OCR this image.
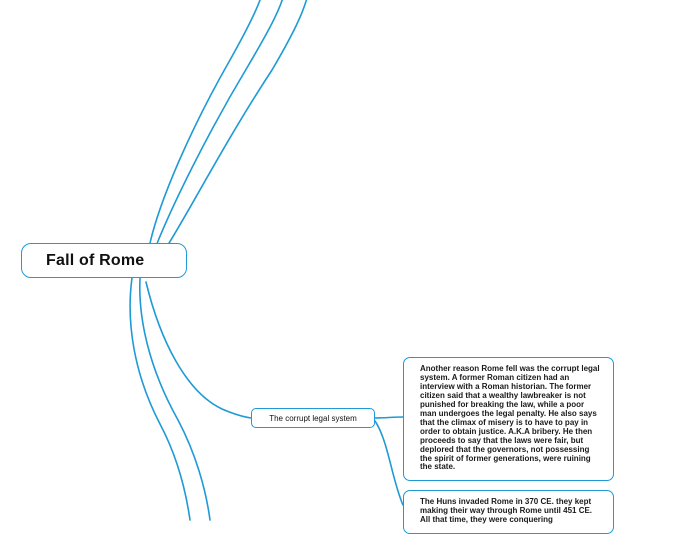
Fall of Rome
The corrupt legal system
Another reason Rome fell was the corrupt legal system. A former Roman citizen had an interview with a Roman historian. The former citizen said that a wealthy lawbreaker is not punished for breaking the law, while a poor man undergoes the legal penalty. He also says that the climax of misery is to have to pay in order to obtain justice. A.K.A bribery. He then proceeds to say that the laws were fair, but deplored that the governors, not possessing the spirit of former generations, were ruining the state.
The Huns invaded Rome in 370 CE. they kept making their way through Rome until 451 CE. All that time, they were conquering
